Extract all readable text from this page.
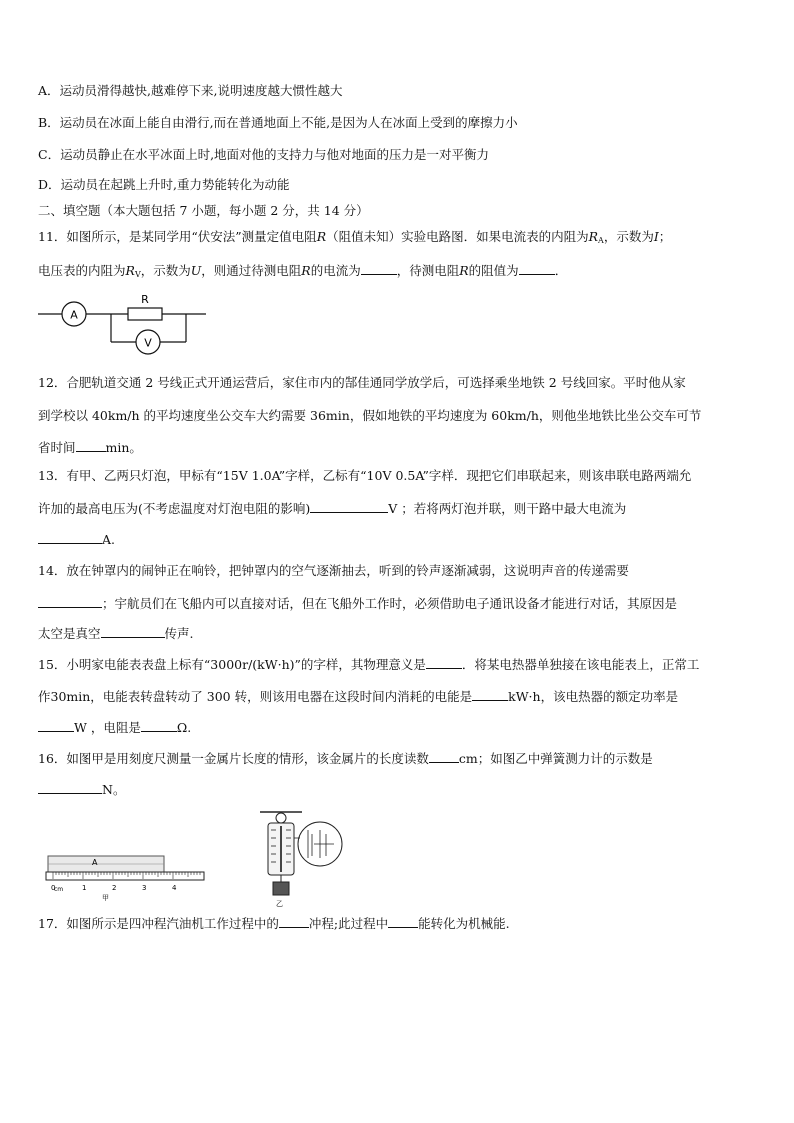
A．运动员滑得越快,越难停下来,说明速度越大惯性越大
B．运动员在冰面上能自由滑行,而在普通地面上不能,是因为人在冰面上受到的摩擦力小
C．运动员静止在水平冰面上时,地面对他的支持力与他对地面的压力是一对平衡力
D．运动员在起跳上升时,重力势能转化为动能
二、填空题（本大题包括 7 小题，每小题 2 分，共 14 分）
11．如图所示，是某同学用“伏安法”测量定值电阻R（阻值未知）实验电路图．如果电流表的内阻为$R_A$，示数为I；
电压表的内阻为$R_V$，示数为U，则通过待测电阻R的电流为	，待测电阻R的阻值为	．
A
R
V
12．合肥轨道交通 2 号线正式开通运营后，家住市内的郜佳通同学放学后，可选择乘坐地铁 2 号线回家。平时他从家
到学校以 40km/h 的平均速度坐公交车大约需要 36min，假如地铁的平均速度为 60km/h，则他坐地铁比坐公交车可节
省时间 min。
13．有甲、乙两只灯泡，甲标有“15V 1.0A”字样，乙标有“10V 0.5A”字样．现把它们串联起来，则该串联电路两端允
许加的最高电压为(不考虑温度对灯泡电阻的影响)	V ；若将两灯泡并联，则干路中最大电流为
A.
14．放在钟罩内的闹钟正在响铃，把钟罩内的空气逐渐抽去，听到的铃声逐渐减弱，这说明声音的传递需要
；宇航员们在飞船内可以直接对话，但在飞船外工作时，必须借助电子通讯设备才能进行对话，其原因是
太空是真空	传声.
15．小明家电能表表盘上标有“3000r/(kW·h)”的字样，其物理意义是	．将某电热器单独接在该电能表上，正常工
作30min，电能表转盘转动了 300 转，则该用电器在这段时间内消耗的电能是	kW·h，该电热器的额定功率是
W ，电阻是	Ω.
16．如图甲是用刻度尺测量一金属片长度的情形，该金属片的长度读数 cm；如图乙中弹簧测力计的示数是
N。
A
0	1	2	3	4
cm
甲
乙
17．如图所示是四冲程汽油机工作过程中的 冲程;此过程中 能转化为机械能.
